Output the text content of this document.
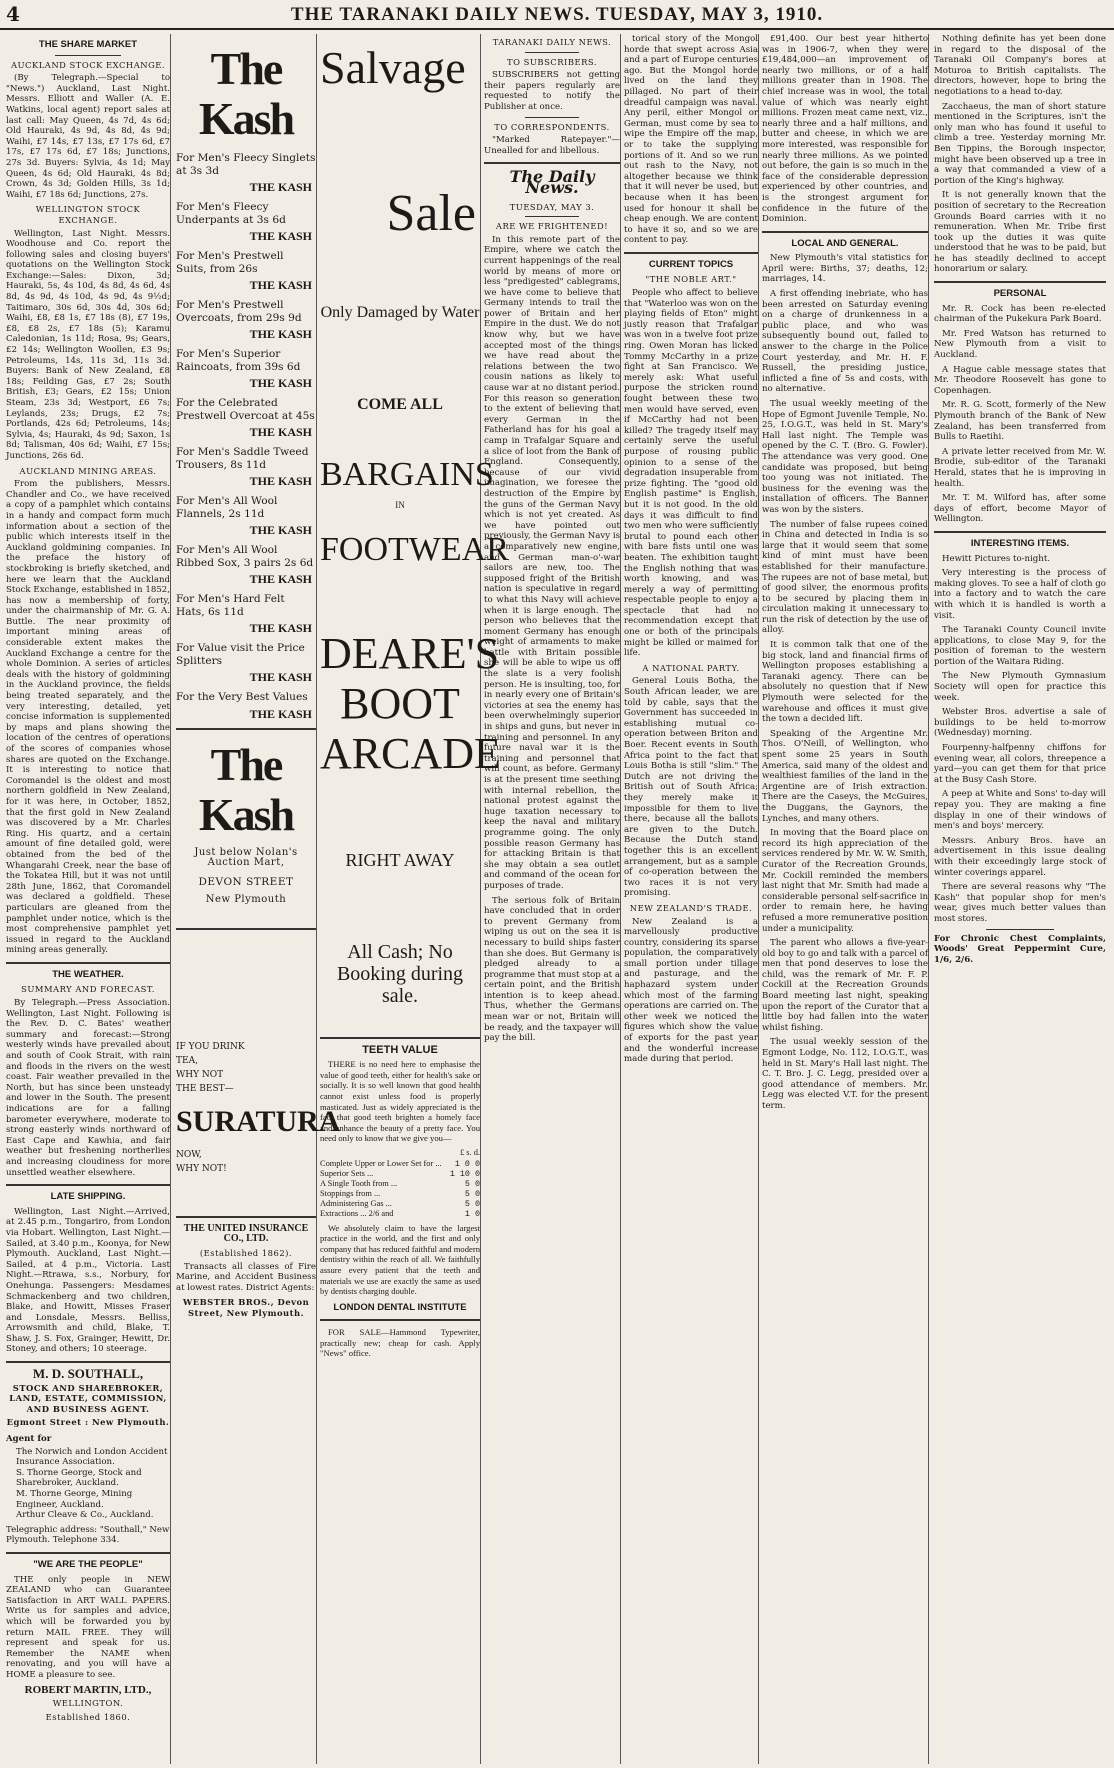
4	THE TARANAKI DAILY NEWS. TUESDAY, MAY 3, 1910.
THE SHARE MARKET
AUCKLAND STOCK EXCHANGE.

(By Telegraph.—Special to "News.") Auckland, Last Night. Messrs. Elliott and Waller (A. E. Watkins, local agent) report sales at last call: May Queen, 4s 7d, 4s 6d; Old Hauraki, 4s 9d, 4s 8d, 4s 9d; Waihi, £7 14s, £7 13s, £7 17s 6d, £7 17s, £7 17s 6d, £7 18s; Junctions, 27s 3d. Buyers: Sylvia, 4s 1d; May Queen, 4s 6d; Old Hauraki, 4s 8d; Crown, 4s 3d; Golden Hills, 3s 1d; Waihi, £7 18s 6d; Junctions, 27s.

WELLINGTON STOCK EXCHANGE.

Wellington, Last Night. Messrs. Woodhouse and Co. report the following sales and closing buyers' quotations on the Wellington Stock Exchange:—Sales: Dixon, 3d; Hauraki, 5s, 4s 10d, 4s 8d, 4s 6d, 4s 8d, 4s 9d, 4s 10d, 4s 9d, 4s 9½d; Taitimaro, 30s 6d, 30s 4d, 30s 6d; Waihi, £8, £8 1s, £7 18s (8), £7 19s, £8, £8 2s, £7 18s (5); Karamu Caledonian, 1s 11d; Rosa, 9s; Gears, £2 14s; Wellington Woollen, £3 9s; Petroleums, 14s, 11s 3d, 11s 3d. Buyers: Bank of New Zealand, £8 18s; Feilding Gas, £7 2s; South British, £3; Gears, £2 15s; Union Steam, 23s 3d; Westport, £6 7s; Leylands, 23s; Drugs, £2 7s; Portlands, 42s 6d; Petroleums, 14s; Sylvia, 4s; Hauraki, 4s 9d; Saxon, 1s 8d; Talisman, 40s 6d; Waihi, £7 15s; Junctions, 26s 6d.

AUCKLAND MINING AREAS.

From the publishers, Messrs. Chandler and Co., we have received a copy of a pamphlet which contains in a handy and compact form much information about a section of the public which interests itself in the Auckland goldmining companies. In the preface the history of stockbroking is briefly sketched, and here we learn that the Auckland Stock Exchange, established in 1852, has now a membership of forty, under the chairmanship of Mr. G. A. Buttle. The near proximity of important mining areas of considerable extent makes the Auckland Exchange a centre for the whole Dominion. A series of articles deals with the history of goldmining in the Auckland province, the fields being treated separately, and the very interesting, detailed, yet concise information is supplemented by maps and plans showing the location of the centres of operations of the scores of companies whose shares are quoted on the Exchange. It is interesting to notice that Coromandel is the oldest and most northern goldfield in New Zealand, for it was here, in October, 1852, that the first gold in New Zealand was discovered by a Mr. Charles Ring. His quartz, and a certain amount of fine detailed gold, were obtained from the bed of the Whangarahi Creek, near the base of the Tokatea Hill, but it was not until 28th June, 1862, that Coromandel was declared a goldfield. These particulars are gleaned from the pamphlet under notice, which is the most comprehensive pamphlet yet issued in regard to the Auckland mining areas generally.

THE WEATHER.
SUMMARY AND FORECAST.

By Telegraph.—Press Association. Wellington, Last Night. Following is the Rev. D. C. Bates' weather summary and forecast:—Strong westerly winds have prevailed about and south of Cook Strait, with rain and floods in the rivers on the west coast. Fair weather prevailed in the North, but has since been unsteady and lower in the South. The present indications are for a falling barometer everywhere, moderate to strong easterly winds northward of East Cape and Kawhia, and fair weather but freshening northerlies and increasing cloudiness for more unsettled weather elsewhere.

LATE SHIPPING.

Wellington, Last Night.—Arrived, at 2.45 p.m., Tongariro, from London via Hobart. Wellington, Last Night.—Sailed, at 3.40 p.m., Koonya, for New Plymouth. Auckland, Last Night.—Sailed, at 4 p.m., Victoria. Last Night.—Rtrawa, s.s., Norbury, for Onehunga. Passengers: Mesdames Schmackenberg and two children, Blake, and Howitt, Misses Fraser and Lonsdale, Messrs. Belliss, Arrowsmith and child, Blake, T. Shaw, J. S. Fox, Grainger, Hewitt, Dr. Stoney, and others; 10 steerage.

M. D. SOUTHALL,
STOCK AND SHAREBROKER, LAND, ESTATE, COMMISSION, AND BUSINESS AGENT.
Egmont Street : New Plymouth.
Agent for
The Norwich and London Accident Insurance Association.
S. Thorne George, Stock and Sharebroker, Auckland.
M. Thorne George, Mining Engineer, Auckland.
Arthur Cleave & Co., Auckland.
Telegraphic address: "Southall," New Plymouth. Telephone 334.
"WE ARE THE PEOPLE"

THE only people in NEW ZEALAND who can Guarantee Satisfaction in ART WALL PAPERS. Write us for samples and advice, which will be forwarded you by return MAIL FREE. They will represent and speak for us. Remember the NAME when renovating, and you will have a HOME a pleasure to see.

ROBERT MARTIN, LTD.,
WELLINGTON.
Established 1860.
The Kash
For Men's Fleecy Singlets at 3s 3d
THE KASH
For Men's Fleecy Underpants at 3s 6d
THE KASH
For Men's Prestwell Suits, from 26s
THE KASH
For Men's Prestwell Overcoats, from 29s 9d
THE KASH
For Men's Superior Raincoats, from 39s 6d
THE KASH
For the Celebrated Prestwell Overcoat at 45s
THE KASH
For Men's Saddle Tweed Trousers, 8s 11d
THE KASH
For Men's All Wool Flannels, 2s 11d
THE KASH
For Men's All Wool Ribbed Sox, 3 pairs 2s 6d
THE KASH
For Men's Hard Felt Hats, 6s 11d
THE KASH
For Value visit the Price Splitters
THE KASH
For the Very Best Values
THE KASH
The Kash
Just below Nolan's Auction Mart,
DEVON STREET
New Plymouth
IF YOU DRINK
TEA,
WHY NOT
THE BEST—
SURATURA
NOW,
WHY NOT!
THE UNITED INSURANCE CO., LTD.
(Established 1862).

Transacts all classes of Fire Marine, and Accident Business at lowest rates. District Agents:

WEBSTER BROS., Devon Street, New Plymouth.
Salvage
Sale
Only Damaged by Water
COME ALL
BARGAINS
IN
FOOTWEAR
DEARE'S BOOT ARCADE
RIGHT AWAY
All Cash; No Booking during sale.
TEETH VALUE

THERE is no need here to emphasise the value of good teeth, either for health's sake or socially. It is so well known that good health cannot exist unless food is properly masticated. Just as widely appreciated is the fact that good teeth brighten a homely face and enhance the beauty of a pretty face. You need only to know that we give you—

£ s. d.
Complete Upper or Lower Set for ... 1 0 0
Superior Sets ...	1 10 0
A Single Tooth from ...	5 0
Stoppings from ...	5 0
Administering Gas ...	5 0
Extractions ... 2/6 and	1 0

We absolutely claim to have the largest practice in the world, and the first and only company that has reduced faithful and modern dentistry within the reach of all. We faithfully assure every patient that the teeth and materials we use are exactly the same as used by dentists charging double.

LONDON DENTAL INSTITUTE

FOR SALE—Hammond Typewriter, practically new; cheap for cash. Apply "News" office.

TARANAKI DAILY NEWS.
TO SUBSCRIBERS.

SUBSCRIBERS not getting their papers regularly are requested to notify the Publisher at once.

TO CORRESPONDENTS.

"Marked Ratepayer."—Unealled for and libellous.

The Daily News.
TUESDAY, MAY 3.
ARE WE FRIGHTENED!

In this remote part of the Empire, where we catch the current happenings of the real world by means of more or less "predigested" cablegrams, we have come to believe that Germany intends to trail the power of Britain and her Empire in the dust. We do not know why, but we have accepted most of the things we have read about the relations between the two cousin nations as likely to cause war at no distant period. For this reason so generation to the extent of believing that every German in the Fatherland has for his goal a camp in Trafalgar Square and a slice of loot from the Bank of England. Consequently, because of our vivid imagination, we foresee the destruction of the Empire by the guns of the German Navy which is not yet created. As we have pointed out previously, the German Navy is a comparatively new engine, and German man-o'-war sailors are new, too. The supposed fright of the British nation is speculative in regard to what this Navy will achieve when it is large enough. The person who believes that the moment Germany has enough weight of armaments to make battle with Britain possible she will be able to wipe us off the slate is a very foolish person. He is insulting, too, for in nearly every one of Britain's victories at sea the enemy has been overwhelmingly superior in ships and guns, but never in training and personnel. In any future naval war it is the training and personnel that will count, as before. Germany is at the present time seething with internal rebellion, the national protest against the huge taxation necessary to keep the naval and military programme going. The only possible reason Germany has for attacking Britain is that she may obtain a sea outlet and command of the ocean for purposes of trade.

The serious folk of Britain have concluded that in order to prevent Germany from wiping us out on the sea it is necessary to build ships faster than she does. But Germany is pledged already to a programme that must stop at a certain point, and the British intention is to keep ahead. Thus, whether the Germans mean war or not, Britain will be ready, and the taxpayer will pay the bill.

torical story of the Mongol horde that swept across Asia and a part of Europe centuries ago. But the Mongol horde lived on the land they pillaged. No part of their dreadful campaign was naval. Any peril, either Mongol or German, must come by sea to wipe the Empire off the map, or to take the supplying portions of it. And so we run out rash to the Navy, not altogether because we think that it will never be used, but because when it has been used for honour it shall be cheap enough. We are content to have it so, and so we are content to pay.

CURRENT TOPICS
"THE NOBLE ART."

People who affect to believe that "Waterloo was won on the playing fields of Eton" might justly reason that Trafalgar was won in a twelve foot prize ring. Owen Moran has licked Tommy McCarthy in a prize fight at San Francisco. We merely ask: What useful purpose the stricken round fought between these two men would have served, even if McCarthy had not been killed? The tragedy itself may certainly serve the useful purpose of rousing public opinion to a sense of the degradation insuperable from prize fighting. The "good old English pastime" is English, but it is not good. In the old days it was difficult to find two men who were sufficiently brutal to pound each other with bare fists until one was beaten. The exhibition taught the English nothing that was worth knowing, and was merely a way of permitting respectable people to enjoy a spectacle that had no recommendation except that one or both of the principals might be killed or maimed for life.

A NATIONAL PARTY.

General Louis Botha, the South African leader, we are told by cable, says that the Government has succeeded in establishing mutual co-operation between Briton and Boer. Recent events in South Africa point to the fact that Louis Botha is still "slim." The Dutch are not driving the British out of South Africa; they merely make it impossible for them to live there, because all the ballots are given to the Dutch. Because the Dutch stand together this is an excellent arrangement, but as a sample of co-operation between the two races it is not very promising.

NEW ZEALAND'S TRADE.

New Zealand is a marvellously productive country, considering its sparse population, the comparatively small portion under tillage and pasturage, and the haphazard system under which most of the farming operations are carried on. The other week we noticed the figures which show the value of exports for the past year and the wonderful increase made during that period.

£91,400. Our best year hitherto was in 1906-7, when they were £19,484,000—an improvement of nearly two millions, or of a half millions greater than in 1908. The chief increase was in wool, the total value of which was nearly eight millions. Frozen meat came next, viz., nearly three and a half millions, and butter and cheese, in which we are more interested, was responsible for nearly three millions. As we pointed out before, the gain is so much in the face of the considerable depression experienced by other countries, and is the strongest argument for confidence in the future of the Dominion.

LOCAL AND GENERAL.

New Plymouth's vital statistics for April were: Births, 37; deaths, 12; marriages, 14.

A first offending inebriate, who has been arrested on Saturday evening on a charge of drunkenness in a public place, and who was subsequently bound out, failed to answer to the charge in the Police Court yesterday, and Mr. H. F. Russell, the presiding justice, inflicted a fine of 5s and costs, with no alternative.

The usual weekly meeting of the Hope of Egmont Juvenile Temple, No. 25, I.O.G.T., was held in St. Mary's Hall last night. The Temple was opened by the C. T. (Bro. G. Fowler). The attendance was very good. One candidate was proposed, but being too young was not initiated. The business for the evening was the installation of officers. The Banner was won by the sisters.

The number of false rupees coined in China and detected in India is so large that it would seem that some kind of mint must have been established for their manufacture. The rupees are not of base metal, but of good silver, the enormous profits to be secured by placing them in circulation making it unnecessary to run the risk of detection by the use of alloy.

It is common talk that one of the big stock, land and financial firms of Wellington proposes establishing a Taranaki agency. There can be absolutely no question that if New Plymouth were selected for the warehouse and offices it must give the town a decided lift.

Speaking of the Argentine Mr. Thos. O'Neill, of Wellington, who spent some 25 years in South America, said many of the oldest and wealthiest families of the land in the Argentine are of Irish extraction. There are the Caseys, the McGuires, the Duggans, the Gaynors, the Lynches, and many others.

In moving that the Board place on record its high appreciation of the services rendered by Mr. W. W. Smith, Curator of the Recreation Grounds, Mr. Cockill reminded the members last night that Mr. Smith had made a considerable personal self-sacrifice in order to remain here, he having refused a more remunerative position under a municipality.

The parent who allows a five-year-old boy to go and talk with a parcel of men that pond deserves to lose the child, was the remark of Mr. F. P. Cockill at the Recreation Grounds Board meeting last night, speaking upon the report of the Curator that a little boy had fallen into the water whilst fishing.

The usual weekly session of the Egmont Lodge, No. 112, I.O.G.T., was held in St. Mary's Hall last night. The C. T. Bro. J. C. Legg, presided over a good attendance of members. Mr. Legg was elected V.T. for the present term.

Nothing definite has yet been done in regard to the disposal of the Taranaki Oil Company's bores at Moturoa to British capitalists. The directors, however, hope to bring the negotiations to a head to-day.

Zacchaeus, the man of short stature mentioned in the Scriptures, isn't the only man who has found it useful to climb a tree. Yesterday morning Mr. Ben Tippins, the Borough inspector, might have been observed up a tree in a way that commanded a view of a portion of the King's highway.

It is not generally known that the position of secretary to the Recreation Grounds Board carries with it no remuneration. When Mr. Tribe first took up the duties it was quite understood that he was to be paid, but he has steadily declined to accept honorarium or salary.

PERSONAL

Mr. R. Cock has been re-elected chairman of the Pukekura Park Board.

Mr. Fred Watson has returned to New Plymouth from a visit to Auckland.

A Hague cable message states that Mr. Theodore Roosevelt has gone to Copenhagen.

Mr. R. G. Scott, formerly of the New Plymouth branch of the Bank of New Zealand, has been transferred from Bulls to Raetihi.

A private letter received from Mr. W. Brodie, sub-editor of the Taranaki Herald, states that he is improving in health.

Mr. T. M. Wilford has, after some days of effort, become Mayor of Wellington.

INTERESTING ITEMS.

Hewitt Pictures to-night.

Very interesting is the process of making gloves. To see a half of cloth go into a factory and to watch the care with which it is handled is worth a visit.

The Taranaki County Council invite applications, to close May 9, for the position of foreman to the western portion of the Waitara Riding.

The New Plymouth Gymnasium Society will open for practice this week.

Webster Bros. advertise a sale of buildings to be held to-morrow (Wednesday) morning.

Fourpenny-halfpenny chiffons for evening wear, all colors, threepence a yard—you can get them for that price at the Busy Cash Store.

A peep at White and Sons' to-day will repay you. They are making a fine display in one of their windows of men's and boys' mercery.

Messrs. Anbury Bros. have an advertisement in this issue dealing with their exceedingly large stock of winter coverings apparel.

There are several reasons why "The Kash" that popular shop for men's wear, gives much better values than most stores.

For Chronic Chest Complaints, Woods' Great Peppermint Cure, 1/6, 2/6.
